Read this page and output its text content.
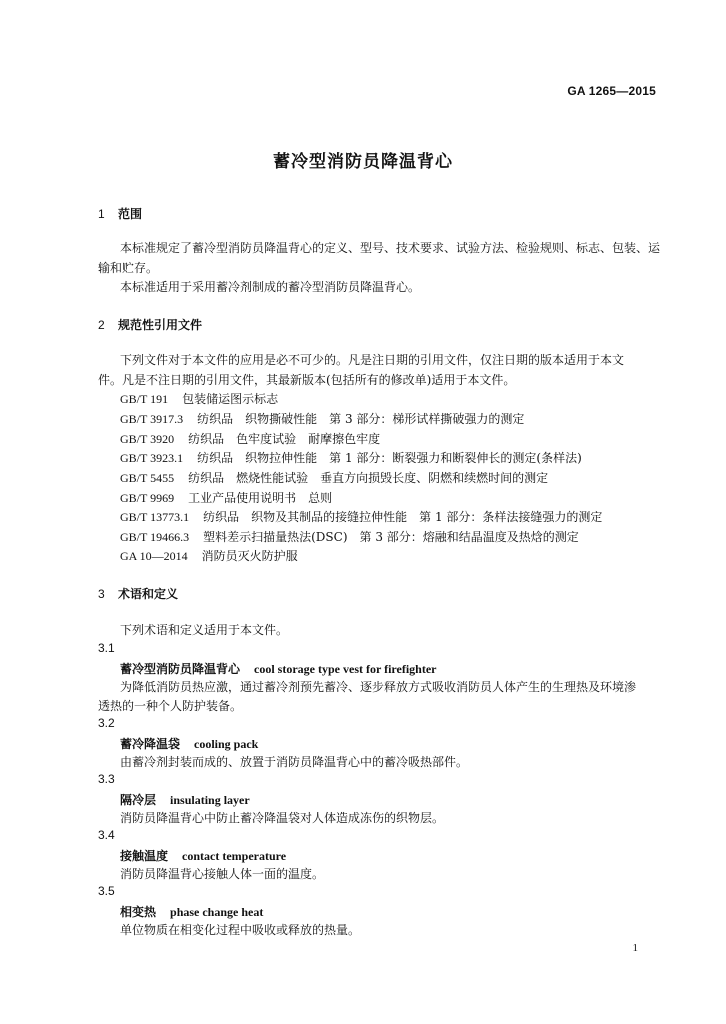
GA 1265—2015
蓄冷型消防员降温背心
1 范围
本标准规定了蓄冷型消防员降温背心的定义、型号、技术要求、试验方法、检验规则、标志、包装、运
输和贮存。
本标准适用于采用蓄冷剂制成的蓄冷型消防员降温背心。
2 规范性引用文件
下列文件对于本文件的应用是必不可少的。凡是注日期的引用文件，仅注日期的版本适用于本文
件。凡是不注日期的引用文件，其最新版本(包括所有的修改单)适用于本文件。
GB/T 191 包装储运图示标志
GB/T 3917.3 纺织品　织物撕破性能　第 3 部分：梯形试样撕破强力的测定
GB/T 3920 纺织品　色牢度试验　耐摩擦色牢度
GB/T 3923.1 纺织品　织物拉伸性能　第 1 部分：断裂强力和断裂伸长的测定(条样法)
GB/T 5455 纺织品　燃烧性能试验　垂直方向损毁长度、阴燃和续燃时间的测定
GB/T 9969 工业产品使用说明书　总则
GB/T 13773.1 纺织品　织物及其制品的接缝拉伸性能　第 1 部分：条样法接缝强力的测定
GB/T 19466.3 塑料差示扫描量热法(DSC)　第 3 部分：熔融和结晶温度及热焓的测定
GA 10—2014 消防员灭火防护服
3 术语和定义
下列术语和定义适用于本文件。
3.1
蓄冷型消防员降温背心 cool storage type vest for firefighter
为降低消防员热应激，通过蓄冷剂预先蓄冷、逐步释放方式吸收消防员人体产生的生理热及环境渗
透热的一种个人防护装备。
3.2
蓄冷降温袋 cooling pack
由蓄冷剂封装而成的、放置于消防员降温背心中的蓄冷吸热部件。
3.3
隔冷层 insulating layer
消防员降温背心中防止蓄冷降温袋对人体造成冻伤的织物层。
3.4
接触温度 contact temperature
消防员降温背心接触人体一面的温度。
3.5
相变热 phase change heat
单位物质在相变化过程中吸收或释放的热量。
1
